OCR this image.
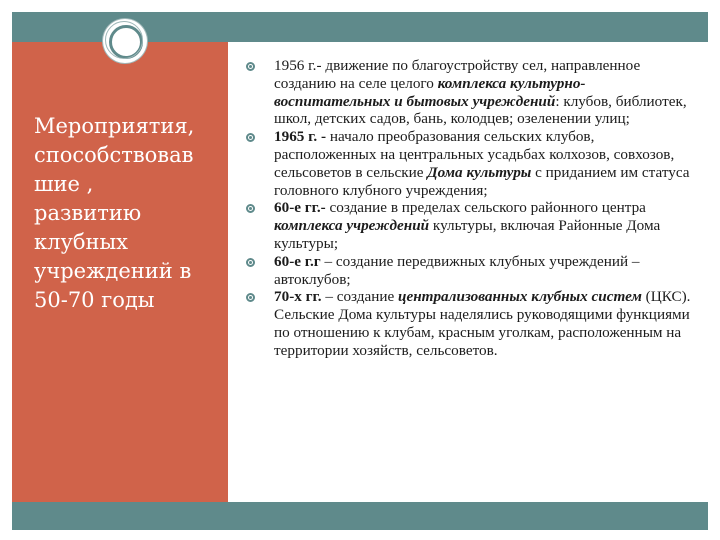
Мероприятия,
способствовав
шие ,
развитию
клубных
учреждений в
50-70 годы
1956 г.- движение по благоустройству сел, направленное созданию на селе целого комплекса культурно-воспитательных и бытовых учреждений: клубов, библиотек, школ, детских садов, бань, колодцев; озеленении улиц;
1965 г. - начало преобразования сельских клубов, расположенных на центральных усадьбах колхозов, совхозов, сельсоветов в сельские Дома культуры с приданием им статуса головного клубного учреждения;
60-е гг.- создание в пределах сельского районного центра комплекса учреждений культуры, включая Районные Дома культуры;
60-е г.г – создание передвижных клубных учреждений – автоклубов;
70-х гг. – создание централизованных клубных систем (ЦКС). Сельские Дома культуры наделялись руководящими функциями по отношению к клубам, красным уголкам, расположенным на территории хозяйств, сельсоветов.
